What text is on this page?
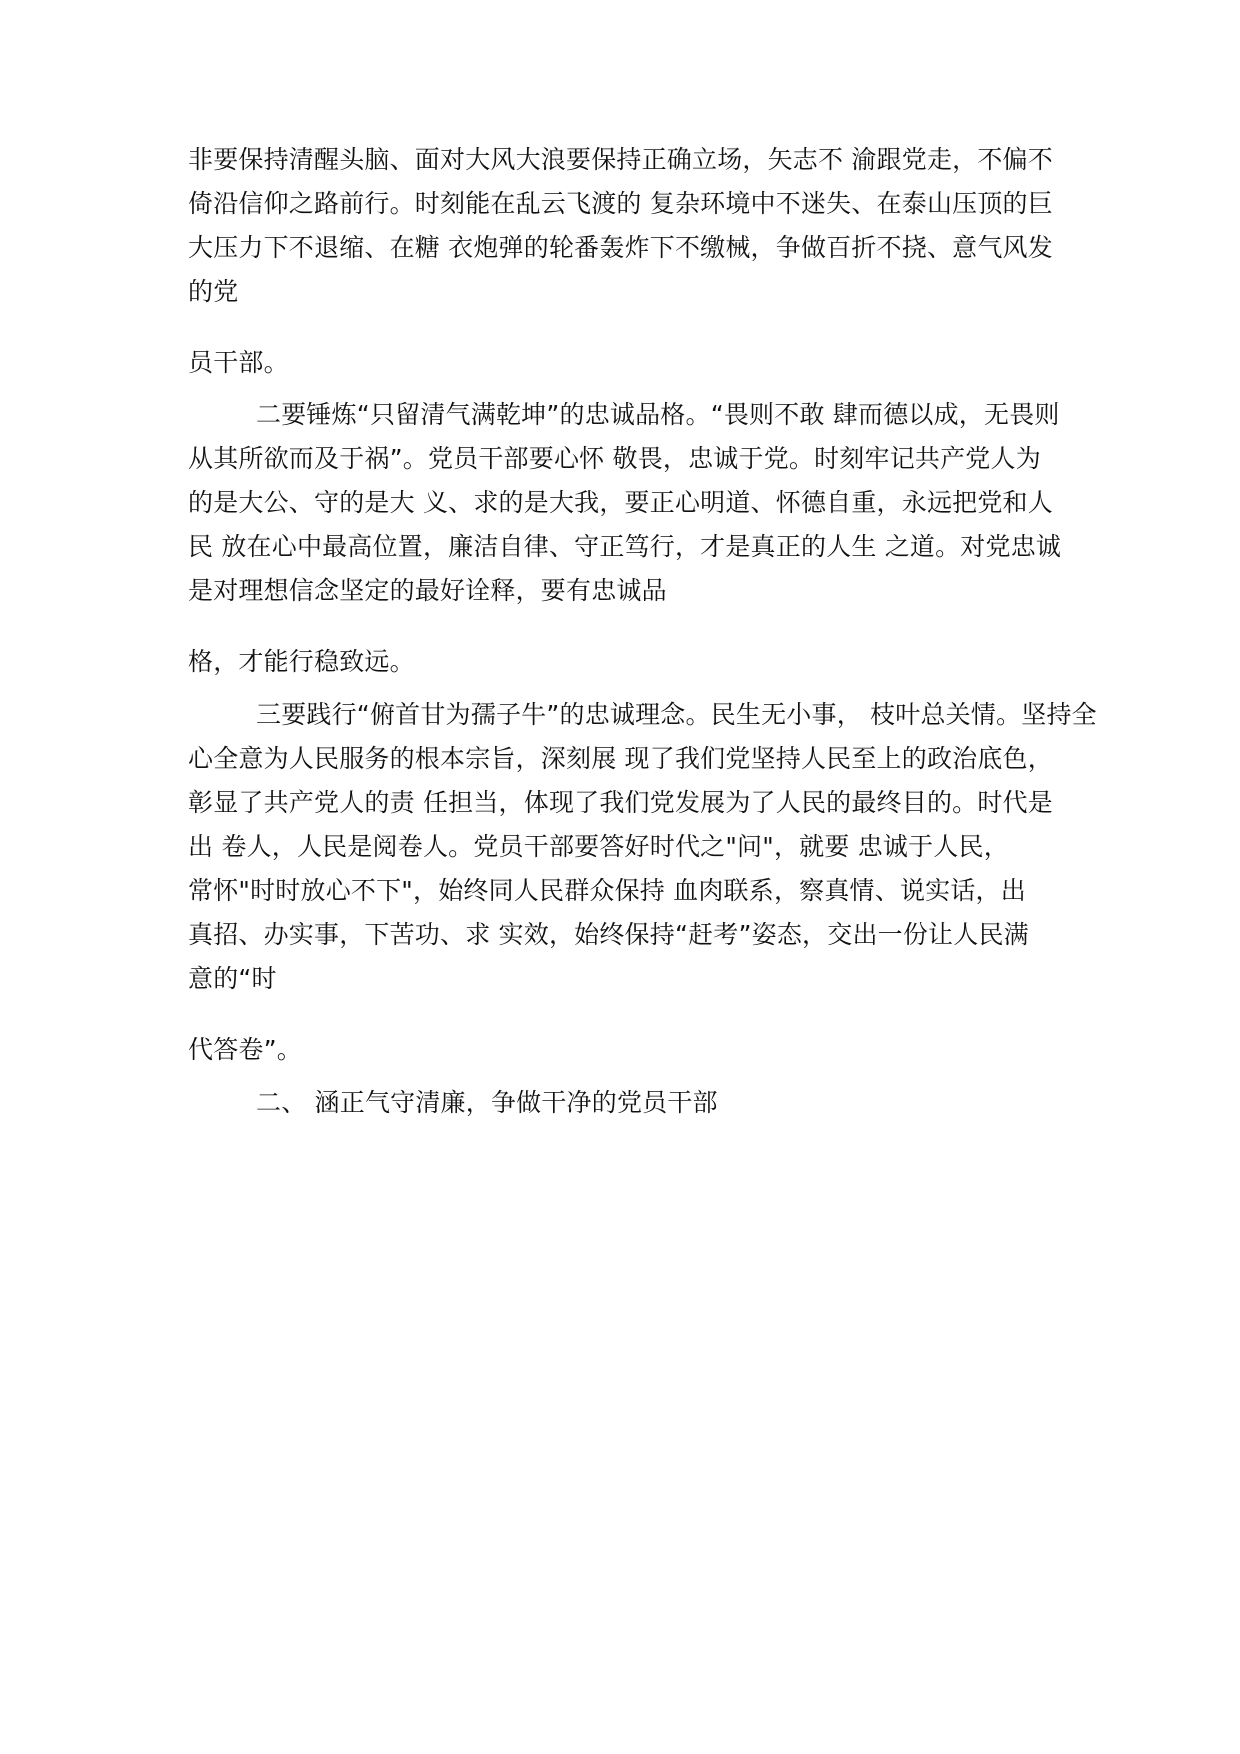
非要保持清醒头脑、面对大风大浪要保持正确立场，矢志不 渝跟党走，不偏不
倚沿信仰之路前行。时刻能在乱云飞渡的 复杂环境中不迷失、在泰山压顶的巨
大压力下不退缩、在糖 衣炮弹的轮番轰炸下不缴械，争做百折不挠、意气风发
的党
员干部。
二要锤炼“只留清气满乾坤”的忠诚品格。“畏则不敢 肆而德以成，无畏则
从其所欲而及于祸”。党员干部要心怀 敬畏，忠诚于党。时刻牢记共产党人为
的是大公、守的是大 义、求的是大我，要正心明道、怀德自重，永远把党和人
民 放在心中最高位置，廉洁自律、守正笃行，才是真正的人生 之道。对党忠诚
是对理想信念坚定的最好诠释，要有忠诚品
格，才能行稳致远。
三要践行“俯首甘为孺子牛”的忠诚理念。民生无小事， 枝叶总关情。坚持全
心全意为人民服务的根本宗旨，深刻展 现了我们党坚持人民至上的政治底色，
彰显了共产党人的责 任担当，体现了我们党发展为了人民的最终目的。时代是
出 卷人，人民是阅卷人。党员干部要答好时代之"问"，就要 忠诚于人民，
常怀"时时放心不下"，始终同人民群众保持 血肉联系，察真情、说实话，出
真招、办实事，下苦功、求 实效，始终保持“赶考”姿态，交出一份让人民满
意的“时
代答卷”。
二、 涵正气守清廉，争做干净的党员干部
